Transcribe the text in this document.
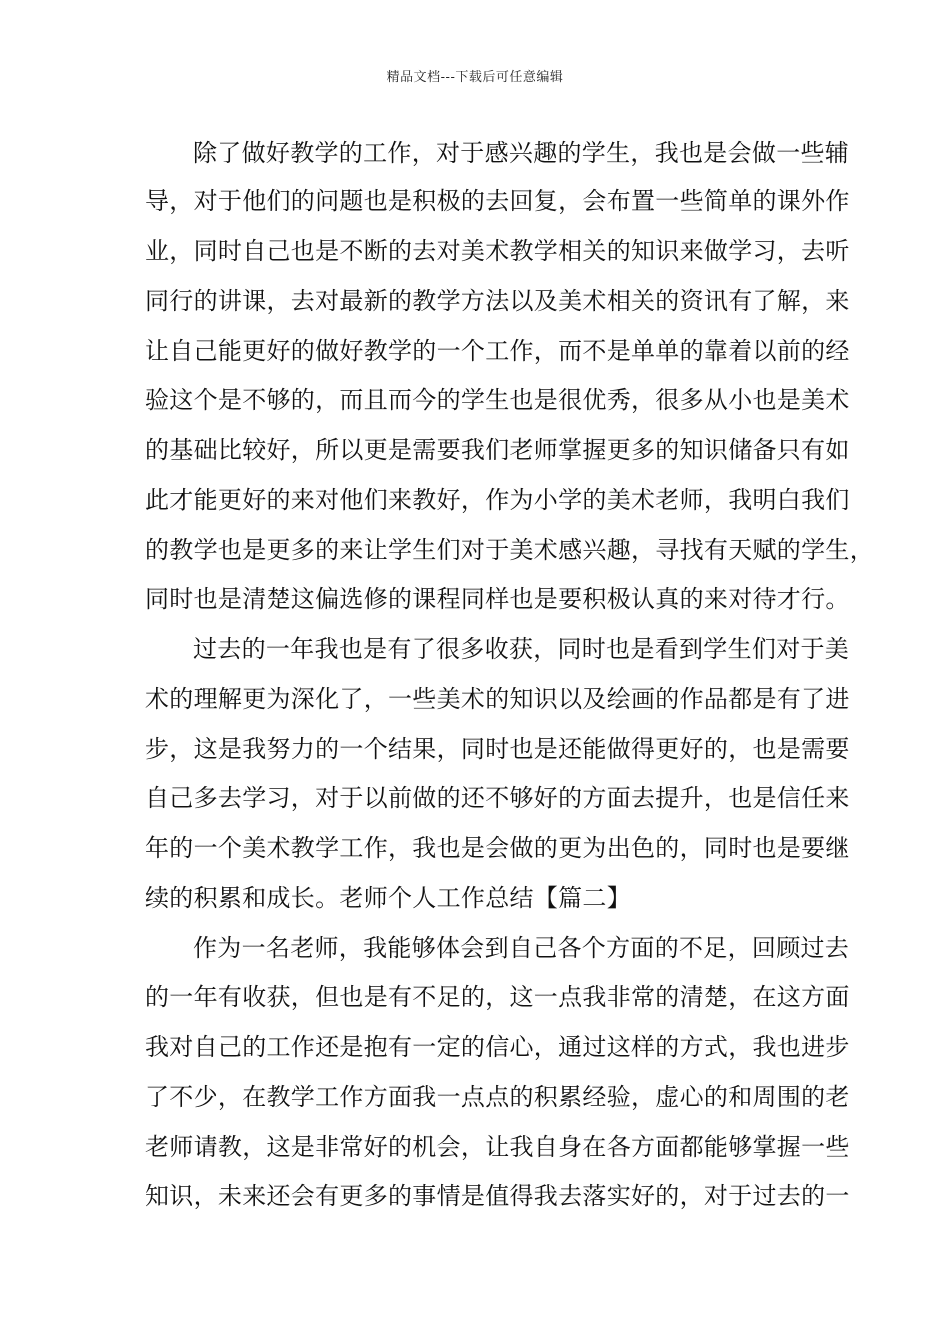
精品文档---下载后可任意编辑
除了做好教学的工作，对于感兴趣的学生，我也是会做一些辅
导，对于他们的问题也是积极的去回复，会布置一些简单的课外作
业，同时自己也是不断的去对美术教学相关的知识来做学习，去听
同行的讲课，去对最新的教学方法以及美术相关的资讯有了解，来
让自己能更好的做好教学的一个工作，而不是单单的靠着以前的经
验这个是不够的，而且而今的学生也是很优秀，很多从小也是美术
的基础比较好，所以更是需要我们老师掌握更多的知识储备只有如
此才能更好的来对他们来教好，作为小学的美术老师，我明白我们
的教学也是更多的来让学生们对于美术感兴趣，寻找有天赋的学生，
同时也是清楚这偏选修的课程同样也是要积极认真的来对待才行。
过去的一年我也是有了很多收获，同时也是看到学生们对于美
术的理解更为深化了，一些美术的知识以及绘画的作品都是有了进
步，这是我努力的一个结果，同时也是还能做得更好的，也是需要
自己多去学习，对于以前做的还不够好的方面去提升，也是信任来
年的一个美术教学工作，我也是会做的更为出色的，同时也是要继
续的积累和成长。老师个人工作总结【篇二】
作为一名老师，我能够体会到自己各个方面的不足，回顾过去
的一年有收获，但也是有不足的，这一点我非常的清楚，在这方面
我对自己的工作还是抱有一定的信心，通过这样的方式，我也进步
了不少，在教学工作方面我一点点的积累经验，虚心的和周围的老
老师请教，这是非常好的机会，让我自身在各方面都能够掌握一些
知识，未来还会有更多的事情是值得我去落实好的，对于过去的一
